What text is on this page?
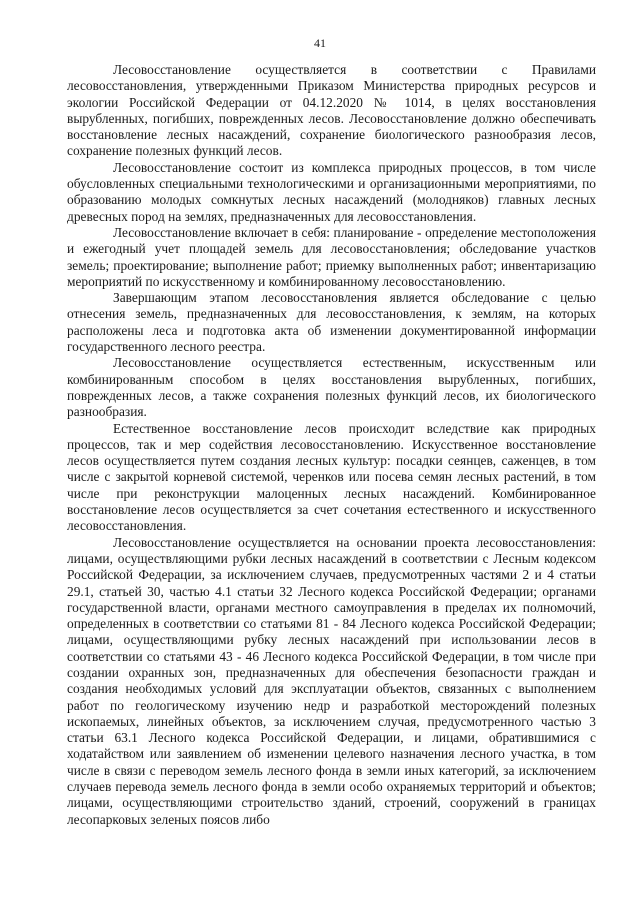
41

Лесовосстановление осуществляется в соответствии с Правилами лесовосстановления, утвержденными Приказом Министерства природных ресурсов и экологии Российской Федерации от 04.12.2020 № 1014, в целях восстановления вырубленных, погибших, поврежденных лесов. Лесовосстановление должно обеспечивать восстановление лесных насаждений, сохранение биологического разнообразия лесов, сохранение полезных функций лесов.

Лесовосстановление состоит из комплекса природных процессов, в том числе обусловленных специальными технологическими и организационными мероприятиями, по образованию молодых сомкнутых лесных насаждений (молодняков) главных лесных древесных пород на землях, предназначенных для лесовосстановления.

Лесовосстановление включает в себя: планирование - определение местоположения и ежегодный учет площадей земель для лесовосстановления; обследование участков земель; проектирование; выполнение работ; приемку выполненных работ; инвентаризацию мероприятий по искусственному и комбинированному лесовосстановлению.

Завершающим этапом лесовосстановления является обследование с целью отнесения земель, предназначенных для лесовосстановления, к землям, на которых расположены леса и подготовка акта об изменении документированной информации государственного лесного реестра.

Лесовосстановление осуществляется естественным, искусственным или комбинированным способом в целях восстановления вырубленных, погибших, поврежденных лесов, а также сохранения полезных функций лесов, их биологического разнообразия.

Естественное восстановление лесов происходит вследствие как природных процессов, так и мер содействия лесовосстановлению. Искусственное восстановление лесов осуществляется путем создания лесных культур: посадки сеянцев, саженцев, в том числе с закрытой корневой системой, черенков или посева семян лесных растений, в том числе при реконструкции малоценных лесных насаждений. Комбинированное восстановление лесов осуществляется за счет сочетания естественного и искусственного лесовосстановления.

Лесовосстановление осуществляется на основании проекта лесовосстановления: лицами, осуществляющими рубки лесных насаждений в соответствии с Лесным кодексом Российской Федерации, за исключением случаев, предусмотренных частями 2 и 4 статьи 29.1, статьей 30, частью 4.1 статьи 32 Лесного кодекса Российской Федерации; органами государственной власти, органами местного самоуправления в пределах их полномочий, определенных в соответствии со статьями 81 - 84 Лесного кодекса Российской Федерации; лицами, осуществляющими рубку лесных насаждений при использовании лесов в соответствии со статьями 43 - 46 Лесного кодекса Российской Федерации, в том числе при создании охранных зон, предназначенных для обеспечения безопасности граждан и создания необходимых условий для эксплуатации объектов, связанных с выполнением работ по геологическому изучению недр и разработкой месторождений полезных ископаемых, линейных объектов, за исключением случая, предусмотренного частью 3 статьи 63.1 Лесного кодекса Российской Федерации, и лицами, обратившимися с ходатайством или заявлением об изменении целевого назначения лесного участка, в том числе в связи с переводом земель лесного фонда в земли иных категорий, за исключением случаев перевода земель лесного фонда в земли особо охраняемых территорий и объектов; лицами, осуществляющими строительство зданий, строений, сооружений в границах лесопарковых зеленых поясов либо
